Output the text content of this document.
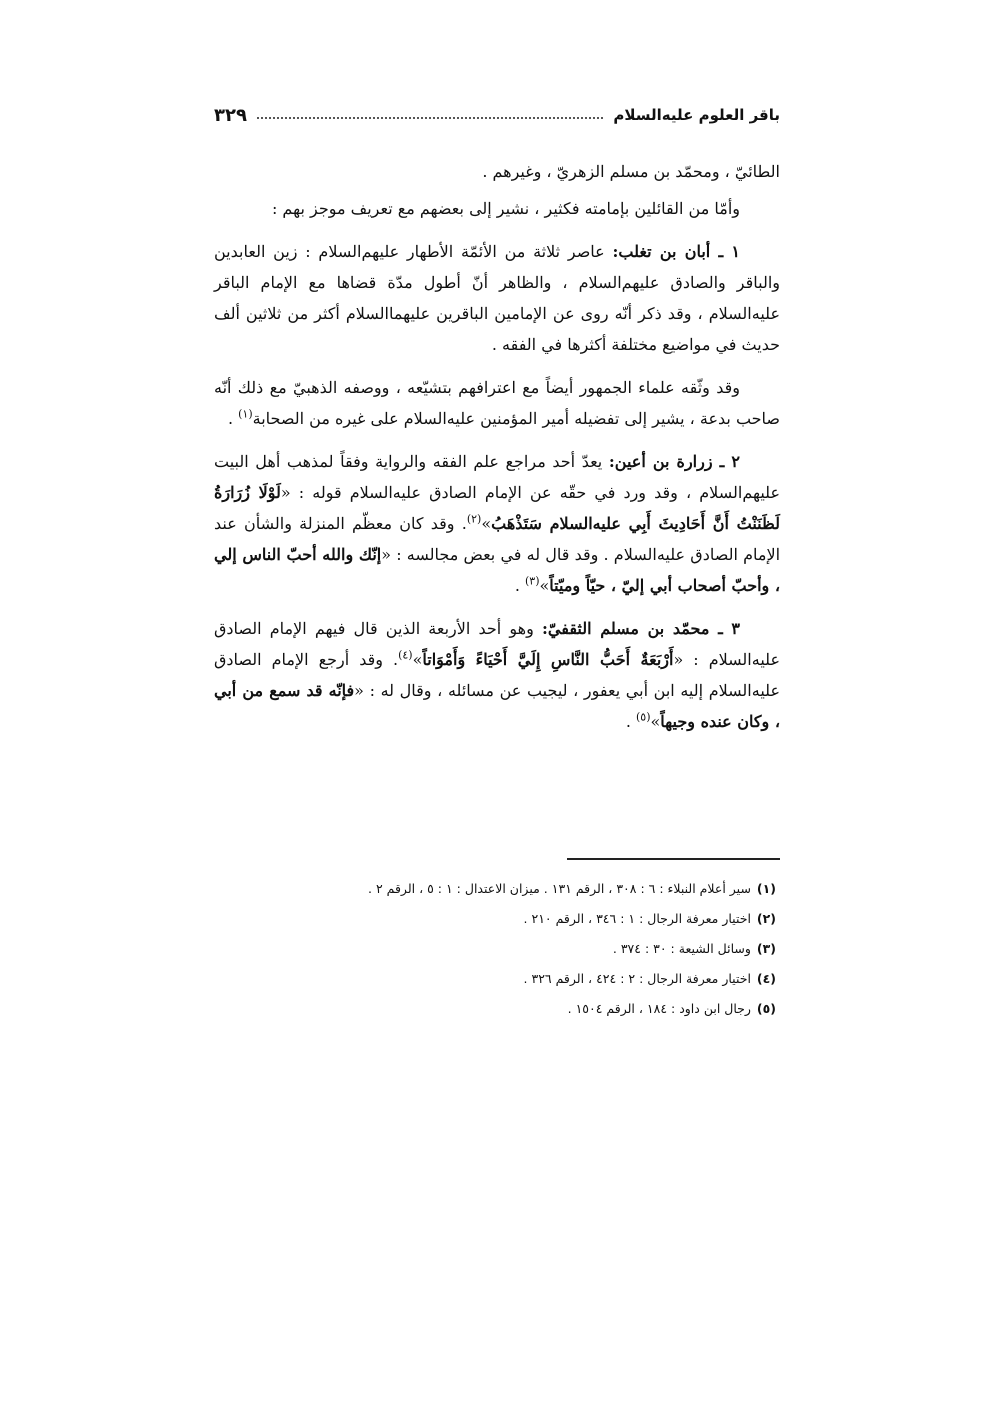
باقر العلوم عليه‌السلام
٣٢٩

الطائيّ ، ومحمّد بن مسلم الزهريّ ، وغيرهم .

وأمّا من القائلين بإمامته فكثير ، نشير إلى بعضهم مع تعريف موجز بهم :

١ ـ أبان بن تغلب: عاصر ثلاثة من الأئمّة الأطهار عليهم‌السلام : زين العابدين والباقر والصادق عليهم‌السلام ، والظاهر أنّ أطول مدّة قضاها مع الإمام الباقر عليه‌السلام ، وقد ذكر أنّه روى عن الإمامين الباقرين عليهما‌السلام أكثر من ثلاثين ألف حديث في مواضيع مختلفة أكثرها في الفقه .

وقد وثّقه علماء الجمهور أيضاً مع اعترافهم بتشيّعه ، ووصفه الذهبيّ مع ذلك أنّه صاحب بدعة ، يشير إلى تفضيله أمير المؤمنين عليه‌السلام على غيره من الصحابة$^{(١)}$ .

٢ ـ زرارة بن أعين: يعدّ أحد مراجع علم الفقه والرواية وفقاً لمذهب أهل البيت عليهم‌السلام ، وقد ورد في حقّه عن الإمام الصادق عليه‌السلام قوله : «لَوْلَا زُرَارَةُ لَظَنَنْتُ أَنَّ أَحَادِيثَ أَبِي عليه‌السلام سَتَذْهَبُ»$^{(٢)}$. وقد كان معظّم المنزلة والشأن عند الإمام الصادق عليه‌السلام . وقد قال له في بعض مجالسه : «إنّك والله أحبّ الناس إلي ، وأحبّ أصحاب أبي إليّ ، حيّاً وميّتاً»$^{(٣)}$ .

٣ ـ محمّد بن مسلم الثقفيّ: وهو أحد الأربعة الذين قال فيهم الإمام الصادق عليه‌السلام : «أَرْبَعَةٌ أَحَبُّ النَّاسِ إِلَيَّ أَحْيَاءً وَأَمْوَاتاً»$^{(٤)}$. وقد أرجع الإمام الصادق عليه‌السلام إليه ابن أبي يعفور ، ليجيب عن مسائله ، وقال له : «فإنّه قد سمع من أبي ، وكان عنده وجيهاً»$^{(٥)}$ .

(١)سير أعلام النبلاء : ٦ : ٣٠٨ ، الرقم ١٣١ . ميزان الاعتدال : ١ : ٥ ، الرقم ٢ .
(٢)اختيار معرفة الرجال : ١ : ٣٤٦ ، الرقم ٢١٠ .
(٣)وسائل الشيعة : ٣٠ : ٣٧٤ .
(٤)اختيار معرفة الرجال : ٢ : ٤٢٤ ، الرقم ٣٢٦ .
(٥)رجال ابن داود : ١٨٤ ، الرقم ١٥٠٤ .
